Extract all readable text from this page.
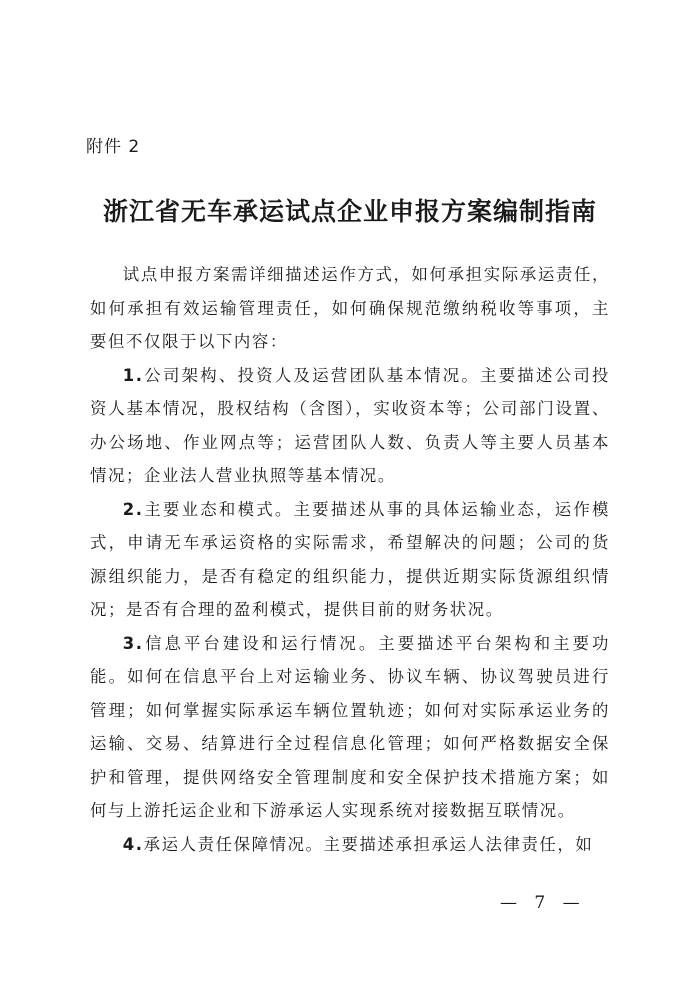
附件 2
浙江省无车承运试点企业申报方案编制指南

试点申报方案需详细描述运作方式，如何承担实际承运责任，如何承担有效运输管理责任，如何确保规范缴纳税收等事项，主要但不仅限于以下内容：

1.公司架构、投资人及运营团队基本情况。主要描述公司投资人基本情况，股权结构（含图），实收资本等；公司部门设置、办公场地、作业网点等；运营团队人数、负责人等主要人员基本情况；企业法人营业执照等基本情况。

2.主要业态和模式。主要描述从事的具体运输业态，运作模式，申请无车承运资格的实际需求，希望解决的问题；公司的货源组织能力，是否有稳定的组织能力，提供近期实际货源组织情况；是否有合理的盈利模式，提供目前的财务状况。

3.信息平台建设和运行情况。主要描述平台架构和主要功能。如何在信息平台上对运输业务、协议车辆、协议驾驶员进行管理；如何掌握实际承运车辆位置轨迹；如何对实际承运业务的运输、交易、结算进行全过程信息化管理；如何严格数据安全保护和管理，提供网络安全管理制度和安全保护技术措施方案；如何与上游托运企业和下游承运人实现系统对接数据互联情况。

4.承运人责任保障情况。主要描述承担承运人法律责任，如

— 7 —
